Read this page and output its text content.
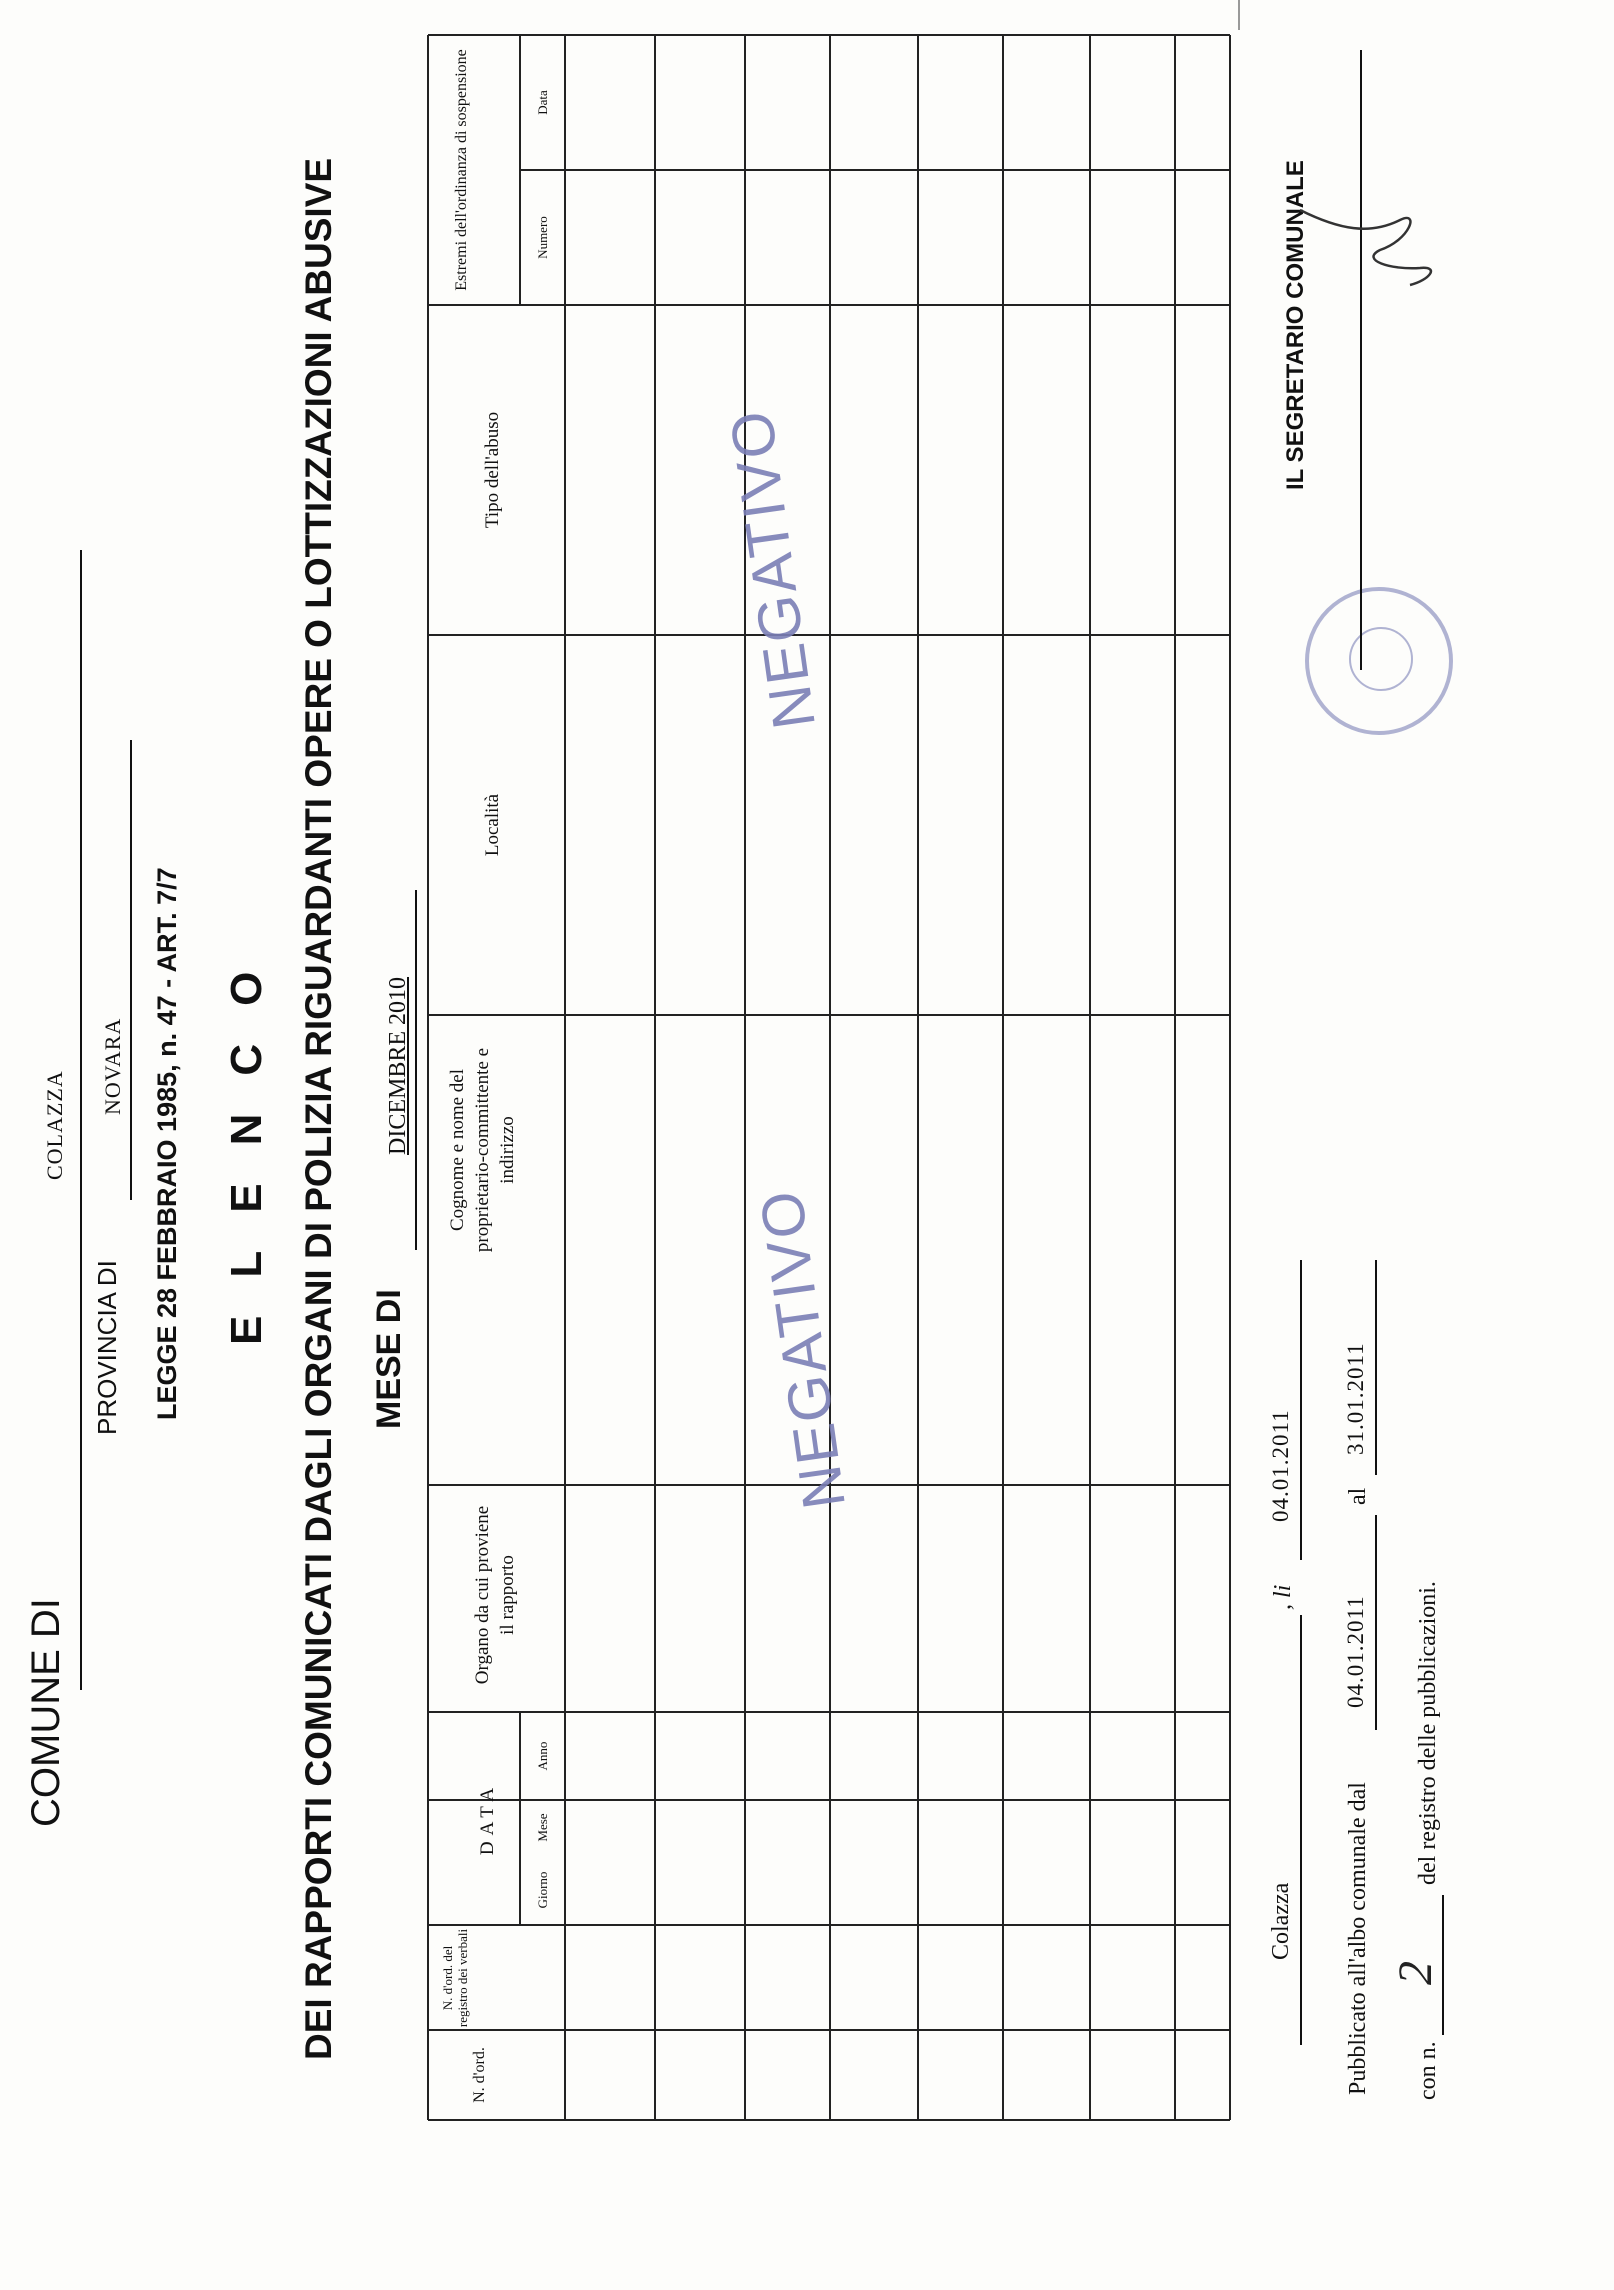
COMUNE DI
COLAZZA
PROVINCIA DI
NOVARA LEGGE 28 FEBBRAIO 1985, n. 47 - ART. 7/7 ELENCO DEI RAPPORTI COMUNICATI DAGLI ORGANI DI POLIZIA RIGUARDANTI OPERE O LOTTIZZAZIONI ABUSIVE MESE DI
DICEMBRE 2010
N. d'ord.
N. d'ord. del registro dei verbali
DATA
Giorno
Mese
Anno
Organo da cui proviene il rapporto
Cognome e nome del proprietario-committente e indirizzo
Località
Tipo dell'abuso
Estremi dell'ordinanza di sospensione	Numero
Data
NEGATIVO
NEGATIVO
Colazza
, li
04.01.2011
Pubblicato all'albo comunale dal
04.01.2011
al
31.01.2011
con n.
2
del registro delle pubblicazioni.
IL SEGRETARIO COMUNALE
